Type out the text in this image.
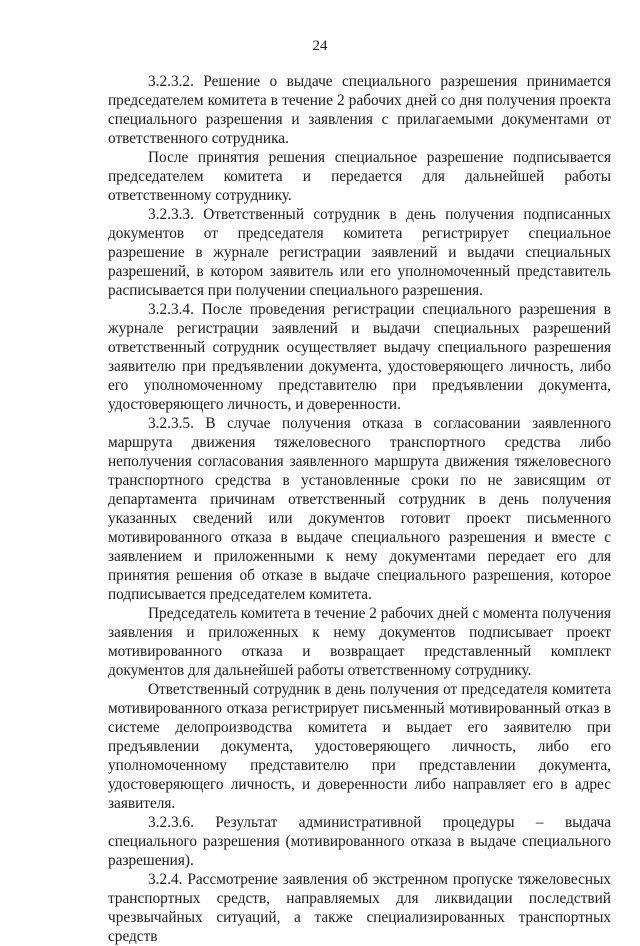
24

3.2.3.2. Решение о выдаче специального разрешения принимается председателем комитета в течение 2 рабочих дней со дня получения проекта специального разрешения и заявления с прилагаемыми документами от ответственного сотрудника.

После принятия решения специальное разрешение подписывается председателем комитета и передается для дальнейшей работы ответственному сотруднику.

3.2.3.3. Ответственный сотрудник в день получения подписанных документов от председателя комитета регистрирует специальное разрешение в журнале регистрации заявлений и выдачи специальных разрешений, в котором заявитель или его уполномоченный представитель расписывается при получении специального разрешения.

3.2.3.4. После проведения регистрации специального разрешения в журнале регистрации заявлений и выдачи специальных разрешений ответственный сотрудник осуществляет выдачу специального разрешения заявителю при предъявлении документа, удостоверяющего личность, либо его уполномоченному представителю при предъявлении документа, удостоверяющего личность, и доверенности.

3.2.3.5. В случае получения отказа в согласовании заявленного маршрута движения тяжеловесного транспортного средства либо неполучения согласования заявленного маршрута движения тяжеловесного транспортного средства в установленные сроки по не зависящим от департамента причинам ответственный сотрудник в день получения указанных сведений или документов готовит проект письменного мотивированного отказа в выдаче специального разрешения и вместе с заявлением и приложенными к нему документами передает его для принятия решения об отказе в выдаче специального разрешения, которое подписывается председателем комитета.

Председатель комитета в течение 2 рабочих дней с момента получения заявления и приложенных к нему документов подписывает проект мотивированного отказа и возвращает представленный комплект документов для дальнейшей работы ответственному сотруднику.

Ответственный сотрудник в день получения от председателя комитета мотивированного отказа регистрирует письменный мотивированный отказ в системе делопроизводства комитета и выдает его заявителю при предъявлении документа, удостоверяющего личность, либо его уполномоченному представителю при представлении документа, удостоверяющего личность, и доверенности либо направляет его в адрес заявителя.

3.2.3.6. Результат административной процедуры – выдача специального разрешения (мотивированного отказа в выдаче специального разрешения).

3.2.4. Рассмотрение заявления об экстренном пропуске тяжеловесных транспортных средств, направляемых для ликвидации последствий чрезвычайных ситуаций, а также специализированных транспортных средств
